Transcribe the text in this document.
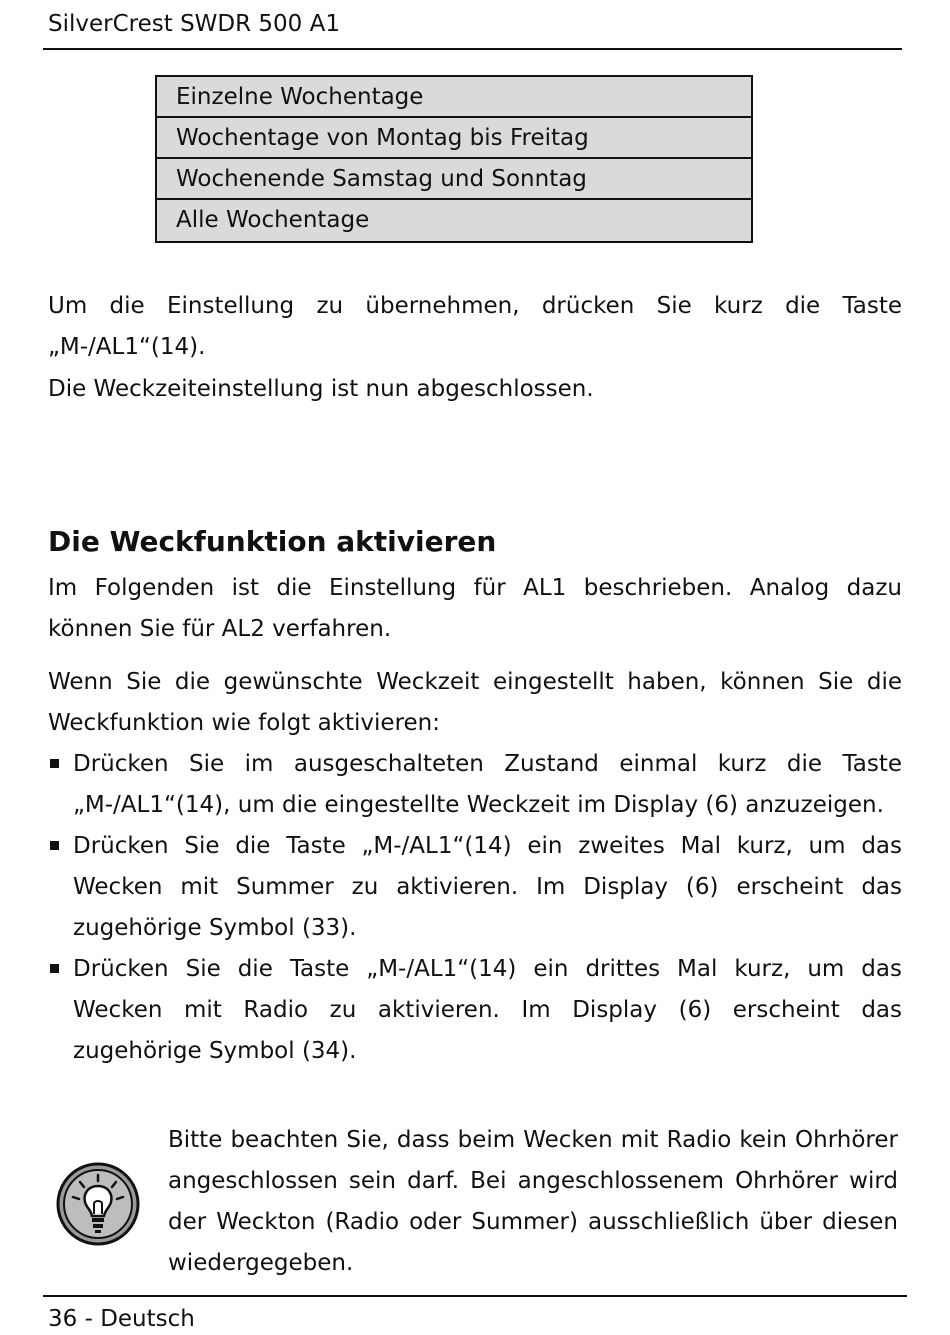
SilverCrest SWDR 500 A1
Einzelne Wochentage
Wochentage von Montag bis Freitag
Wochenende Samstag und Sonntag
Alle Wochentage

Um die Einstellung zu übernehmen, drücken Sie kurz die Taste „M-/AL1“(14).

Die Weckzeiteinstellung ist nun abgeschlossen.

Die Weckfunktion aktivieren

Im Folgenden ist die Einstellung für AL1 beschrieben. Analog dazu können Sie für AL2 verfahren.

Wenn Sie die gewünschte Weckzeit eingestellt haben, können Sie die Weckfunktion wie folgt aktivieren:

Drücken Sie im ausgeschalteten Zustand einmal kurz die Taste „M-/AL1“(14), um die eingestellte Weckzeit im Display (6) anzuzeigen.
Drücken Sie die Taste „M-/AL1“(14) ein zweites Mal kurz, um das Wecken mit Summer zu aktivieren. Im Display (6) erscheint das zugehörige Symbol (33).
Drücken Sie die Taste „M-/AL1“(14) ein drittes Mal kurz, um das Wecken mit Radio zu aktivieren. Im Display (6) erscheint das zugehörige Symbol (34).

Bitte beachten Sie, dass beim Wecken mit Radio kein Ohrhörer angeschlossen sein darf. Bei angeschlossenem Ohrhörer wird der Weckton (Radio oder Summer) ausschließlich über diesen wiedergegeben.

36 - Deutsch
